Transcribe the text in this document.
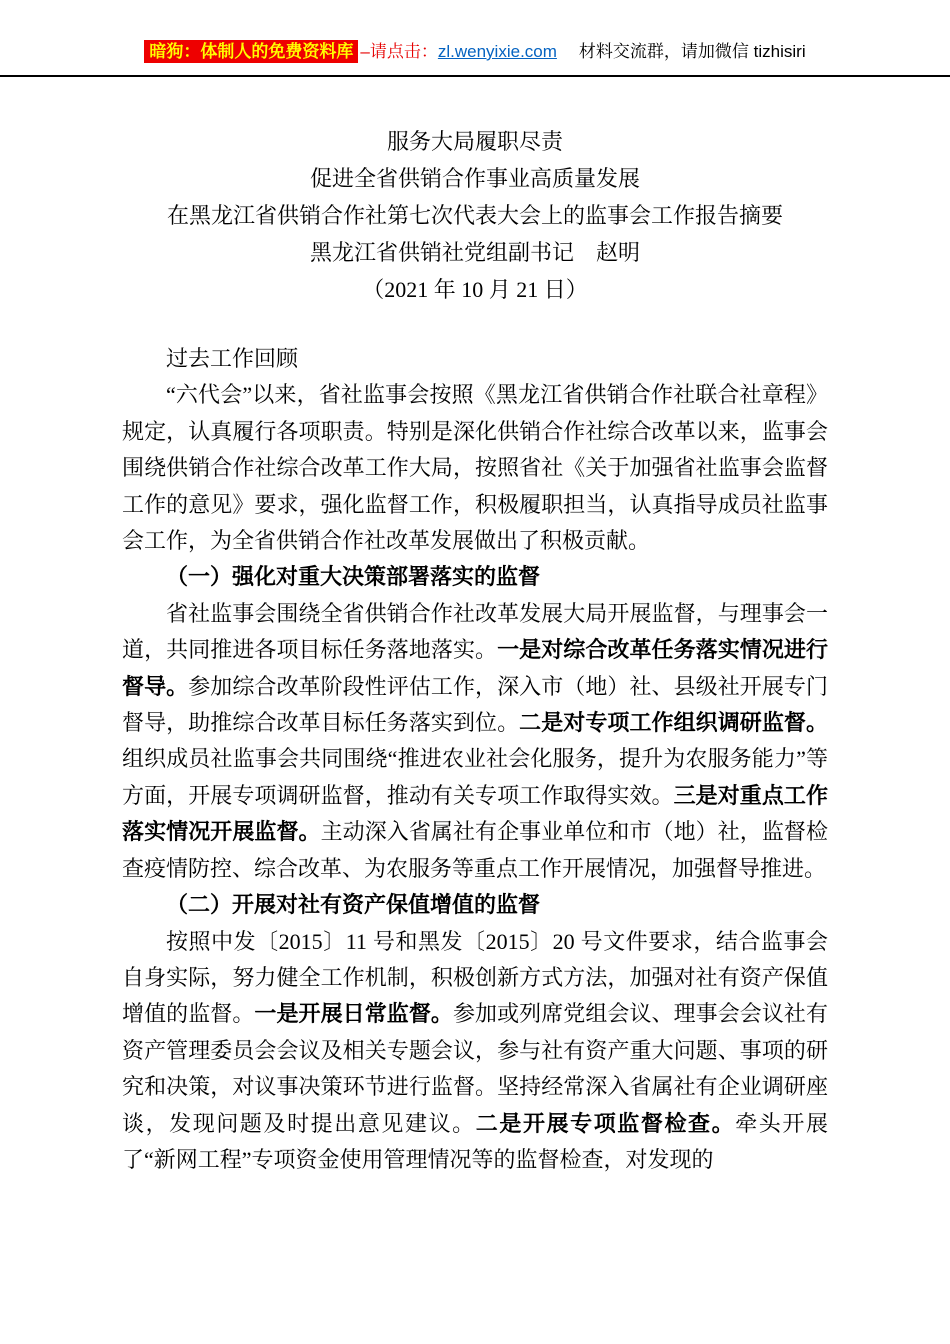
暗狗：体制人的免费资料库 –请点击：zl.wenyixie.com 材料交流群，请加微信 tizhisiri
服务大局履职尽责
促进全省供销合作事业高质量发展
在黑龙江省供销合作社第七次代表大会上的监事会工作报告摘要
黑龙江省供销社党组副书记　赵明
（2021 年 10 月 21 日）

过去工作回顾

“六代会”以来，省社监事会按照《黑龙江省供销合作社联合社章程》规定，认真履行各项职责。特别是深化供销合作社综合改革以来，监事会围绕供销合作社综合改革工作大局，按照省社《关于加强省社监事会监督工作的意见》要求，强化监督工作，积极履职担当，认真指导成员社监事会工作，为全省供销合作社改革发展做出了积极贡献。

（一）强化对重大决策部署落实的监督

省社监事会围绕全省供销合作社改革发展大局开展监督，与理事会一道，共同推进各项目标任务落地落实。一是对综合改革任务落实情况进行督导。参加综合改革阶段性评估工作，深入市（地）社、县级社开展专门督导，助推综合改革目标任务落实到位。二是对专项工作组织调研监督。组织成员社监事会共同围绕“推进农业社会化服务，提升为农服务能力”等方面，开展专项调研监督，推动有关专项工作取得实效。三是对重点工作落实情况开展监督。主动深入省属社有企事业单位和市（地）社，监督检查疫情防控、综合改革、为农服务等重点工作开展情况，加强督导推进。

（二）开展对社有资产保值增值的监督

按照中发〔2015〕11 号和黑发〔2015〕20 号文件要求，结合监事会自身实际，努力健全工作机制，积极创新方式方法，加强对社有资产保值增值的监督。一是开展日常监督。参加或列席党组会议、理事会会议社有资产管理委员会会议及相关专题会议，参与社有资产重大问题、事项的研究和决策，对议事决策环节进行监督。坚持经常深入省属社有企业调研座谈，发现问题及时提出意见建议。二是开展专项监督检查。牵头开展了“新网工程”专项资金使用管理情况等的监督检查，对发现的
